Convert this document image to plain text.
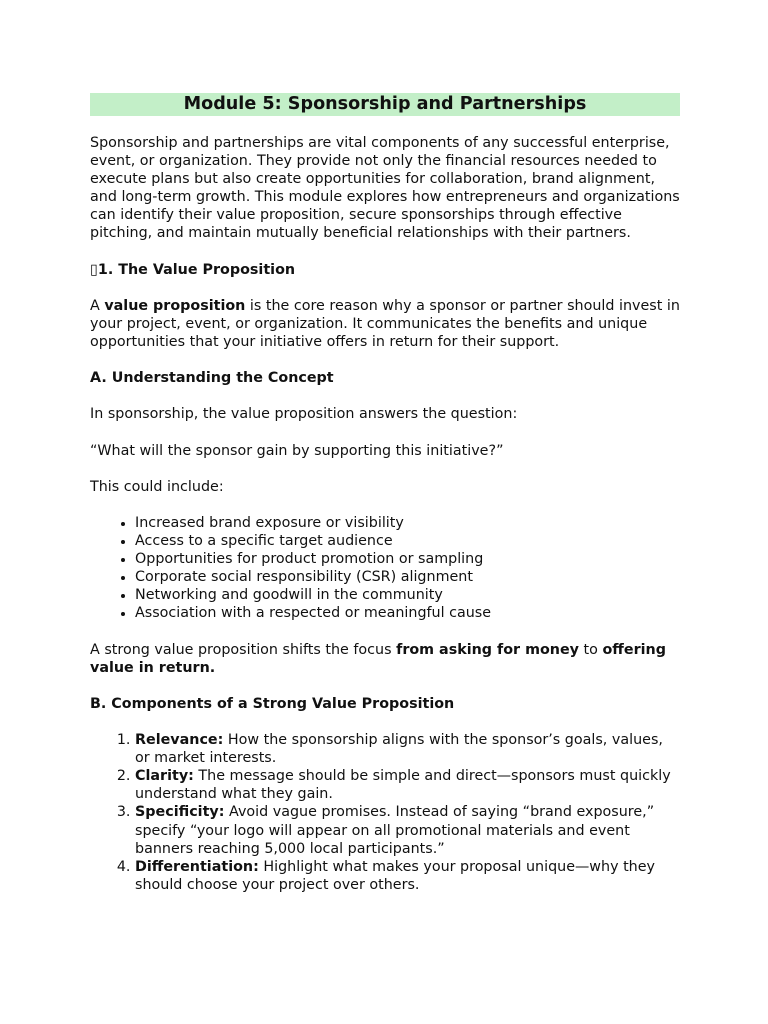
Module 5: Sponsorship and Partnerships

Sponsorship and partnerships are vital components of any successful enterprise, event, or organization. They provide not only the financial resources needed to execute plans but also create opportunities for collaboration, brand alignment, and long-term growth. This module explores how entrepreneurs and organizations can identify their value proposition, secure sponsorships through effective pitching, and maintain mutually beneficial relationships with their partners.

▯1. The Value Proposition

A value proposition is the core reason why a sponsor or partner should invest in your project, event, or organization. It communicates the benefits and unique opportunities that your initiative offers in return for their support.

A. Understanding the Concept

In sponsorship, the value proposition answers the question:

“What will the sponsor gain by supporting this initiative?”

This could include:

• Increased brand exposure or visibility
• Access to a specific target audience
• Opportunities for product promotion or sampling
• Corporate social responsibility (CSR) alignment
• Networking and goodwill in the community
• Association with a respected or meaningful cause

A strong value proposition shifts the focus from asking for money to offering value in return.

B. Components of a Strong Value Proposition

1. Relevance: How the sponsorship aligns with the sponsor’s goals, values, or market interests.
2. Clarity: The message should be simple and direct—sponsors must quickly understand what they gain.
3. Specificity: Avoid vague promises. Instead of saying “brand exposure,” specify “your logo will appear on all promotional materials and event banners reaching 5,000 local participants.”
4. Differentiation: Highlight what makes your proposal unique—why they should choose your project over others.
